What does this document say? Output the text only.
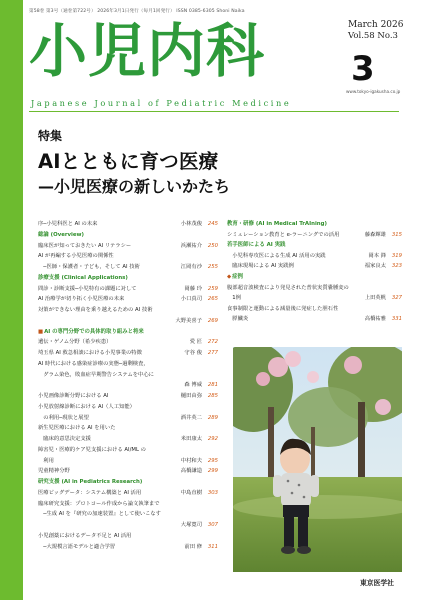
第58巻 第3号（通巻第722号） 2026年3月1日発行（毎月1回発行） ISSN 0385-6305 Shoni Naika
小児内科	March 2026
Vol.58 No.3
3
www.tokyo-igakusha.co.jp
Japanese Journal of Pediatric Medicine
特集
AIとともに育つ医療
—小児医療の新しいかたち
序─小児科医と AI の未来	小林茂俊 245
総論 (Overview)
臨床医が知っておきたい AI リテラシー	浜瀬祐介 250
AI が再編する小児医療の関係性
　─医師・保護者・子ども，そして AI 技術	江岡有沙 255
診療支援 (Clinical Applications)
問診・診断支援─小児特有の課題に対して	岡藤 玲 259
AI 治療学が切り拓く小児医療の未来	小口真司 265
対策ができない理由を乗り越えるための AI 技術
大野美喜子 269
■AI の専門分野での具体的取り組みと将来
遺伝・ゲノム分野（希少疾患）	愛 匠 272
埼玉県 AI 救急相談における小児事業の特徴	守谷 俊 277
AI 時代における感染症診療の実態─過剰検査，
　グラム染色，敗血症早期警告システムを中心に
森 博威 281
小児画像診断分野における AI	樋田由弥 285
小児放射線診断における AI（人工知能）
　の利用─現状と展望	酒井英二 289
新生児医療における AI を用いた
　臨床的意思決定支援	米田康太 292
障害児・医療的ケア児支援における AI/ML の
　利用	中村和夫 295
児童精神分野	高橋謙造 299
研究支援 (AI in Pediatrics Research)
医療ビッグデータ：システム構築と AI 活用	中島直樹 303
臨床研究支援：プロトコール作成から論文執筆まで
　─生成 AI を『研究の加速装置』として使いこなす
大塚寛司 307
小児創薬におけるデータ不足と AI 活用
　─大規模言語モデルと適合学習	前田 修 311
教育・研修 (AI in Medical TrAIning)
シミュレーション教育と e-ラーニングでの活用	藤森輝雄 315
若手医師による AI 実践
　小児科専攻医による生成 AI 活用の実践	岡本 鋒 319
　臨床現場による AI 実践例	福家良太 323
◆症例
腹部超音波検査により発見された普状実質嚢腫変の
　1例	上田英帆 327
食事制限と運動による減量後に発症した胆石性
　膵臓炎	高橋祐雅 331
東京医学社
